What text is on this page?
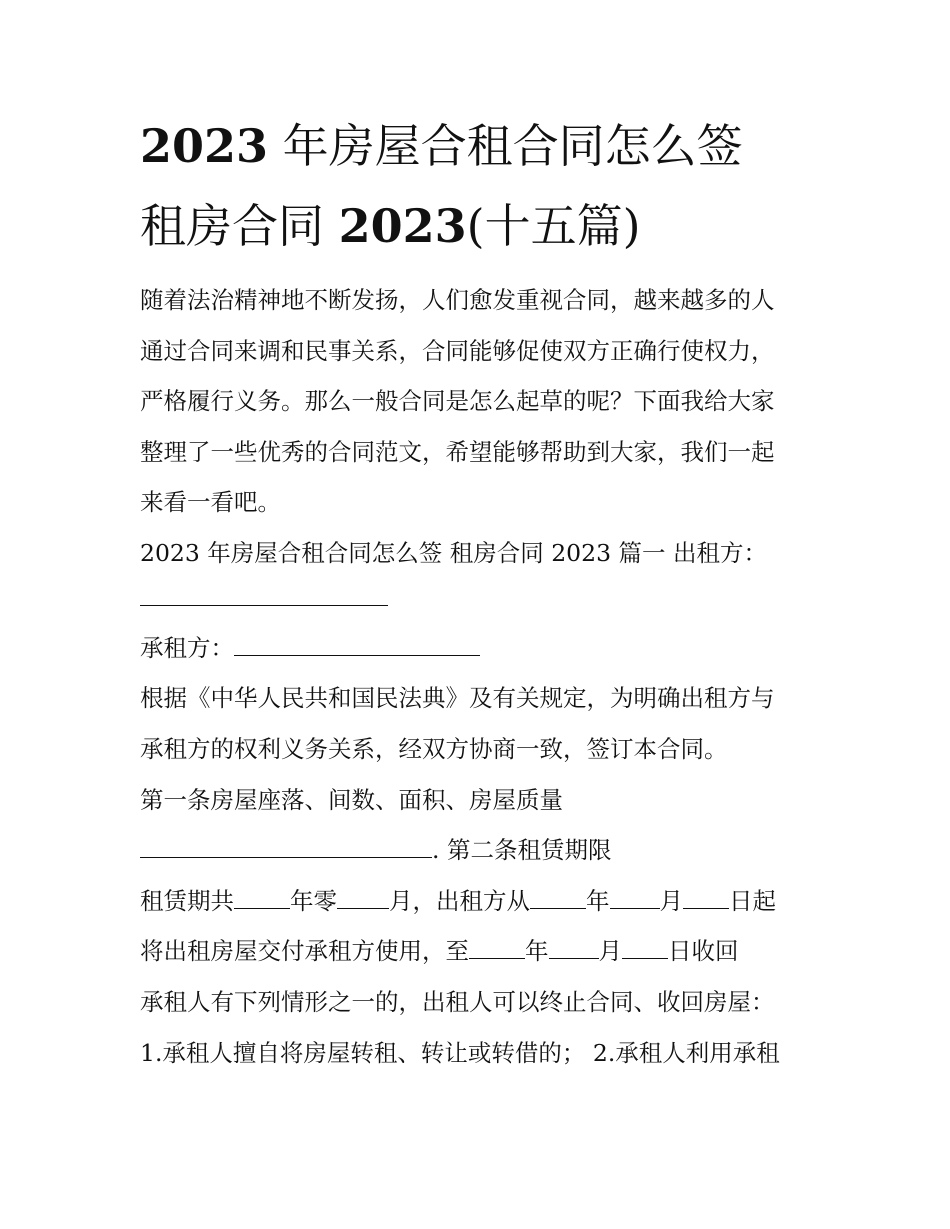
2023 年房屋合租合同怎么签
租房合同 2023(十五篇)

随着法治精神地不断发扬，人们愈发重视合同，越来越多的人

通过合同来调和民事关系，合同能够促使双方正确行使权力，

严格履行义务。那么一般合同是怎么起草的呢？下面我给大家

整理了一些优秀的合同范文，希望能够帮助到大家，我们一起

来看一看吧。

2023 年房屋合租合同怎么签 租房合同 2023 篇一 出租方：

承租方：

根据《中华人民共和国民法典》及有关规定，为明确出租方与

承租方的权利义务关系，经双方协商一致，签订本合同。

第一条房屋座落、间数、面积、房屋质量

. 第二条租赁期限

租赁期共 年零 月，出租方从 年 月 日起

将出租房屋交付承租方使用，至 年 月 日收回

承租人有下列情形之一的，出租人可以终止合同、收回房屋：

1.承租人擅自将房屋转租、转让或转借的； 2.承租人利用承租
